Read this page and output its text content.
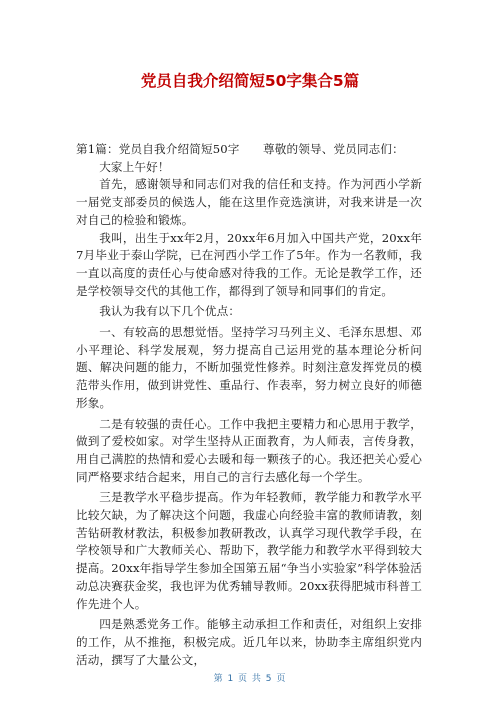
党员自我介绍简短50字集合5篇

第1篇：党员自我介绍简短50字　　尊敬的领导、党员同志们：

大家上午好！

首先，感谢领导和同志们对我的信任和支持。作为河西小学新一届党支部委员的候选人，能在这里作竞选演讲，对我来讲是一次对自己的检验和锻炼。

我叫，出生于xx年2月，20xx年6月加入中国共产党，20xx年7月毕业于泰山学院，已在河西小学工作了5年。作为一名教师，我一直以高度的责任心与使命感对待我的工作。无论是教学工作，还是学校领导交代的其他工作，都得到了领导和同事们的肯定。

我认为我有以下几个优点：

一、有较高的思想觉悟。坚持学习马列主义、毛泽东思想、邓小平理论、科学发展观，努力提高自己运用党的基本理论分析问题、解决问题的能力，不断加强党性修养。时刻注意发挥党员的模范带头作用，做到讲党性、重品行、作表率，努力树立良好的师德形象。

二是有较强的责任心。工作中我把主要精力和心思用于教学，做到了爱校如家。对学生坚持从正面教育，为人师表，言传身教，用自己满腔的热情和爱心去暖和每一颗孩子的心。我还把关心爱心同严格要求结合起来，用自己的言行去感化每一个学生。

三是教学水平稳步提高。作为年轻教师，教学能力和教学水平比较欠缺，为了解决这个问题，我虚心向经验丰富的教师请教，刻苦钻研教材教法，积极参加教研教改，认真学习现代教学手段，在学校领导和广大教师关心、帮助下，教学能力和教学水平得到较大提高。20xx年指导学生参加全国第五届“争当小实验家”科学体验活动总决赛获金奖，我也评为优秀辅导教师。20xx获得肥城市科普工作先进个人。

四是熟悉党务工作。能够主动承担工作和责任，对组织上安排的工作，从不推拖，积极完成。近几年以来，协助李主席组织党内活动，撰写了大量公文，

第 1 页 共 5 页
